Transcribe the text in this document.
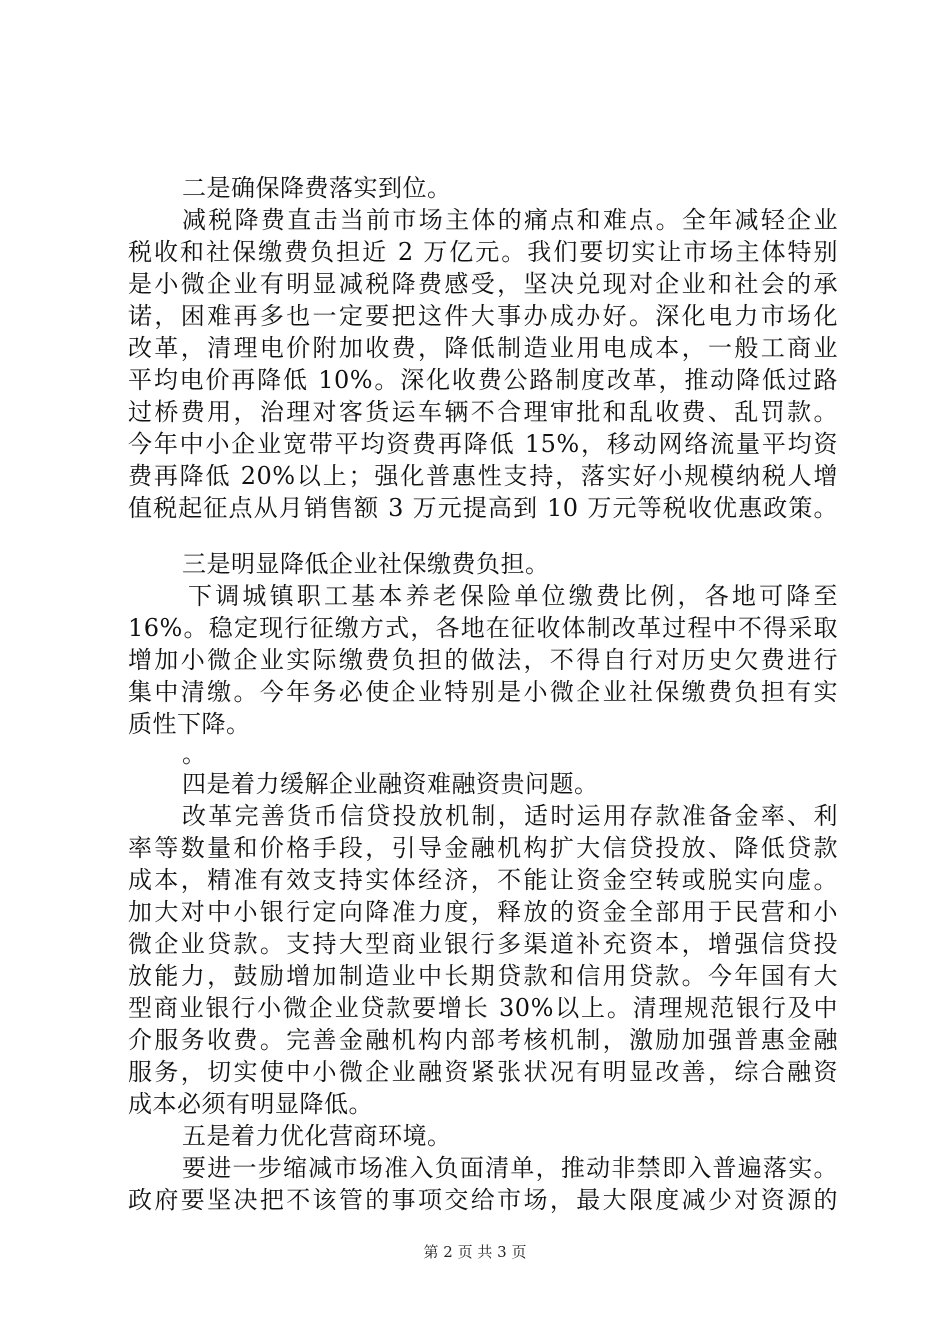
二是确保降费落实到位。
减税降费直击当前市场主体的痛点和难点。全年减轻企业
税收和社保缴费负担近 2 万亿元。我们要切实让市场主体特别
是小微企业有明显减税降费感受，坚决兑现对企业和社会的承
诺，困难再多也一定要把这件大事办成办好。深化电力市场化
改革，清理电价附加收费，降低制造业用电成本，一般工商业
平均电价再降低 10%。深化收费公路制度改革，推动降低过路
过桥费用，治理对客货运车辆不合理审批和乱收费、乱罚款。
今年中小企业宽带平均资费再降低 15%，移动网络流量平均资
费再降低 20%以上；强化普惠性支持，落实好小规模纳税人增
值税起征点从月销售额 3 万元提高到 10 万元等税收优惠政策。
三是明显降低企业社保缴费负担。
下调城镇职工基本养老保险单位缴费比例，各地可降至
16%。稳定现行征缴方式，各地在征收体制改革过程中不得采取
增加小微企业实际缴费负担的做法，不得自行对历史欠费进行
集中清缴。今年务必使企业特别是小微企业社保缴费负担有实
质性下降。
。
四是着力缓解企业融资难融资贵问题。
改革完善货币信贷投放机制，适时运用存款准备金率、利
率等数量和价格手段，引导金融机构扩大信贷投放、降低贷款
成本，精准有效支持实体经济，不能让资金空转或脱实向虚。
加大对中小银行定向降准力度，释放的资金全部用于民营和小
微企业贷款。支持大型商业银行多渠道补充资本，增强信贷投
放能力，鼓励增加制造业中长期贷款和信用贷款。今年国有大
型商业银行小微企业贷款要增长 30%以上。清理规范银行及中
介服务收费。完善金融机构内部考核机制，激励加强普惠金融
服务，切实使中小微企业融资紧张状况有明显改善，综合融资
成本必须有明显降低。
五是着力优化营商环境。
要进一步缩减市场准入负面清单，推动非禁即入普遍落实。
政府要坚决把不该管的事项交给市场，最大限度减少对资源的
第 2 页 共 3 页
